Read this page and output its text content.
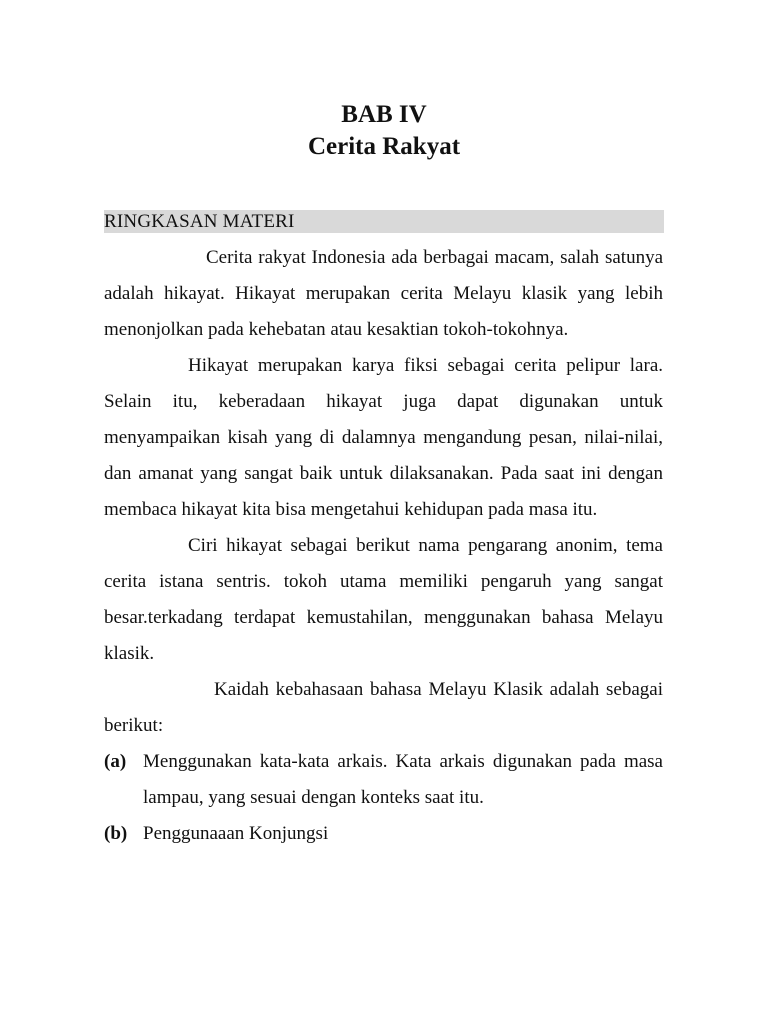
BAB IV
Cerita Rakyat
RINGKASAN MATERI

Cerita rakyat Indonesia ada berbagai macam, salah satunya adalah hikayat. Hikayat merupakan cerita Melayu klasik yang lebih menonjolkan pada kehebatan atau kesaktian tokoh-tokohnya.

Hikayat merupakan karya fiksi sebagai cerita pelipur lara. Selain itu, keberadaan hikayat juga dapat digunakan untuk menyampaikan kisah yang di dalamnya mengandung pesan, nilai-nilai, dan amanat yang sangat baik untuk dilaksanakan. Pada saat ini dengan membaca hikayat kita bisa mengetahui kehidupan pada masa itu.

Ciri hikayat sebagai berikut nama pengarang anonim, tema cerita istana sentris. tokoh utama memiliki pengaruh yang sangat besar.terkadang terdapat kemustahilan, menggunakan bahasa Melayu klasik.

Kaidah kebahasaan bahasa Melayu Klasik adalah sebagai berikut:

(a) Menggunakan kata-kata arkais. Kata arkais digunakan pada masa lampau, yang sesuai dengan konteks saat itu.
(b) Penggunaaan Konjungsi
